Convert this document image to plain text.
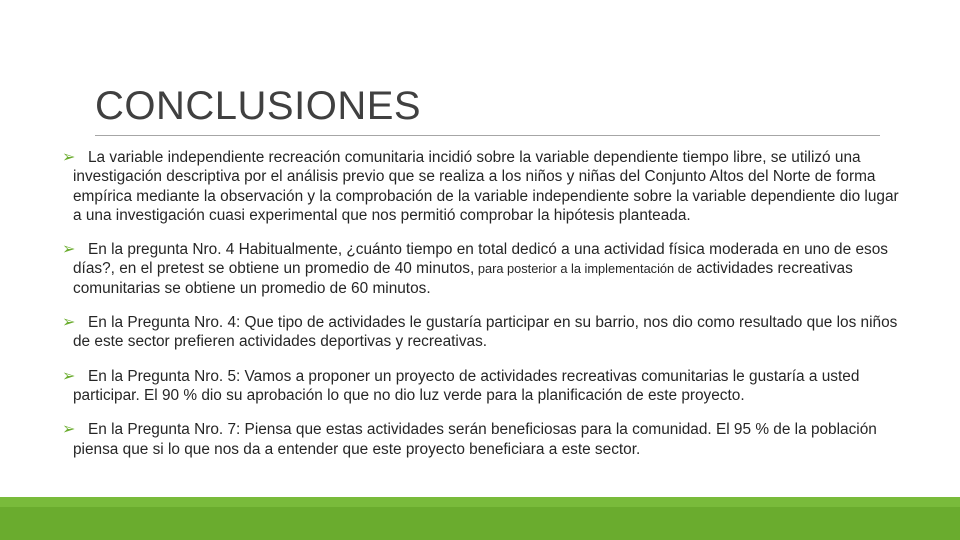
CONCLUSIONES
➢ La variable independiente recreación comunitaria incidió sobre la variable dependiente tiempo libre, se utilizó una investigación descriptiva por el análisis previo que se realiza a los niños y niñas del Conjunto Altos del Norte de forma empírica mediante la observación y la comprobación de la variable independiente sobre la variable dependiente dio lugar a una investigación cuasi experimental que nos permitió comprobar la hipótesis planteada.
➢ En la pregunta Nro. 4 Habitualmente, ¿cuánto tiempo en total dedicó a una actividad física moderada en uno de esos días?, en el pretest se obtiene un promedio de 40 minutos, para posterior a la implementación de actividades recreativas comunitarias se obtiene un promedio de 60 minutos.
➢ En la Pregunta Nro. 4: Que tipo de actividades le gustaría participar en su barrio, nos dio como resultado que los niños de este sector prefieren actividades deportivas y recreativas.
➢ En la Pregunta Nro. 5: Vamos a proponer un proyecto de actividades recreativas comunitarias le gustaría a usted participar. El 90 % dio su aprobación lo que no dio luz verde para la planificación de este proyecto.
➢ En la Pregunta Nro. 7: Piensa que estas actividades serán beneficiosas para la comunidad. El 95 % de la población piensa que si lo que nos da a entender que este proyecto beneficiara a este sector.
